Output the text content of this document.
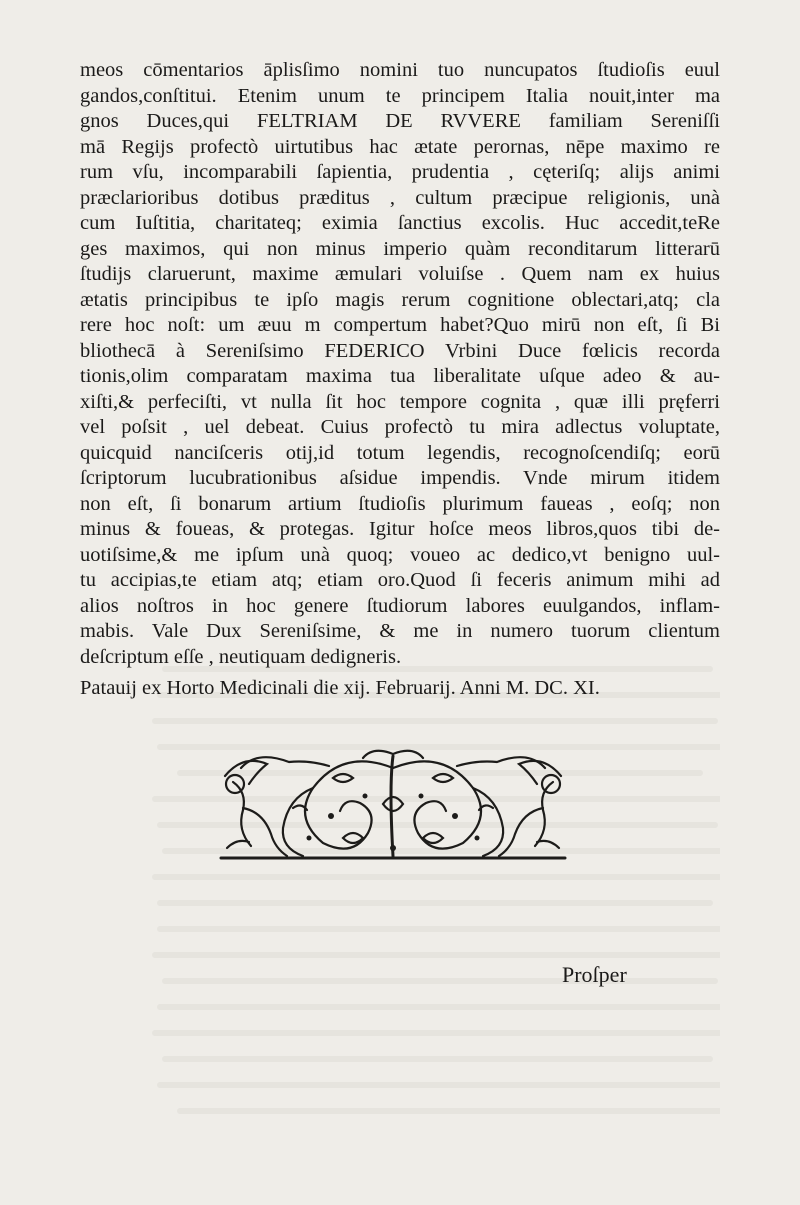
meos cōmentarios āplisſimo nomini tuo nuncupatos ſtudioſis euul
gandos,conſtitui. Etenim unum te principem Italia nouit,inter ma
gnos Duces,qui FELTRIAM DE RVVERE familiam Sereniſſi
mā Regijs profectò uirtutibus hac ætate perornas, nēpe maximo re
rum vſu, incomparabili ſapientia, prudentia , cęteriſq; alijs animi
præclarioribus dotibus præditus , cultum præcipue religionis, unà
cum Iuſtitia, charitateq; eximia ſanctius excolis. Huc accedit,teRe
ges maximos, qui non minus imperio quàm reconditarum litterarū
ſtudijs claruerunt, maxime æmulari voluiſse . Quem nam ex huius
ætatis principibus te ipſo magis rerum cognitione oblectari,atq; cla
rere hoc noſt: um æuu m compertum habet?Quo mirū non eſt, ſi Bi
bliothecā à Sereniſsimo FEDERICO Vrbini Duce fœlicis recorda
tionis,olim comparatam maxima tua liberalitate uſque adeo & au-
xiſti,& perfeciſti, vt nulla ſit hoc tempore cognita , quæ illi pręferri
vel poſsit , uel debeat. Cuius profectò tu mira adlectus voluptate,
quicquid nanciſceris otij,id totum legendis, recognoſcendiſq; eorū
ſcriptorum lucubrationibus aſsidue impendis. Vnde mirum itidem
non eſt, ſi bonarum artium ſtudioſis plurimum faueas , eoſq; non
minus & foueas, & protegas. Igitur hoſce meos libros,quos tibi de-
uotiſsime,& me ipſum unà quoq; voueo ac dedico,vt benigno uul-
tu accipias,te etiam atq; etiam oro.Quod ſi feceris animum mihi ad
alios noſtros in hoc genere ſtudiorum labores euulgandos, inflam-
mabis. Vale Dux Sereniſsime, & me in numero tuorum clientum
deſcriptum eſſe , neutiquam dedigneris.
Patauij ex Horto Medicinali die xij. Februarij. Anni M. DC. XI.
Proſper
